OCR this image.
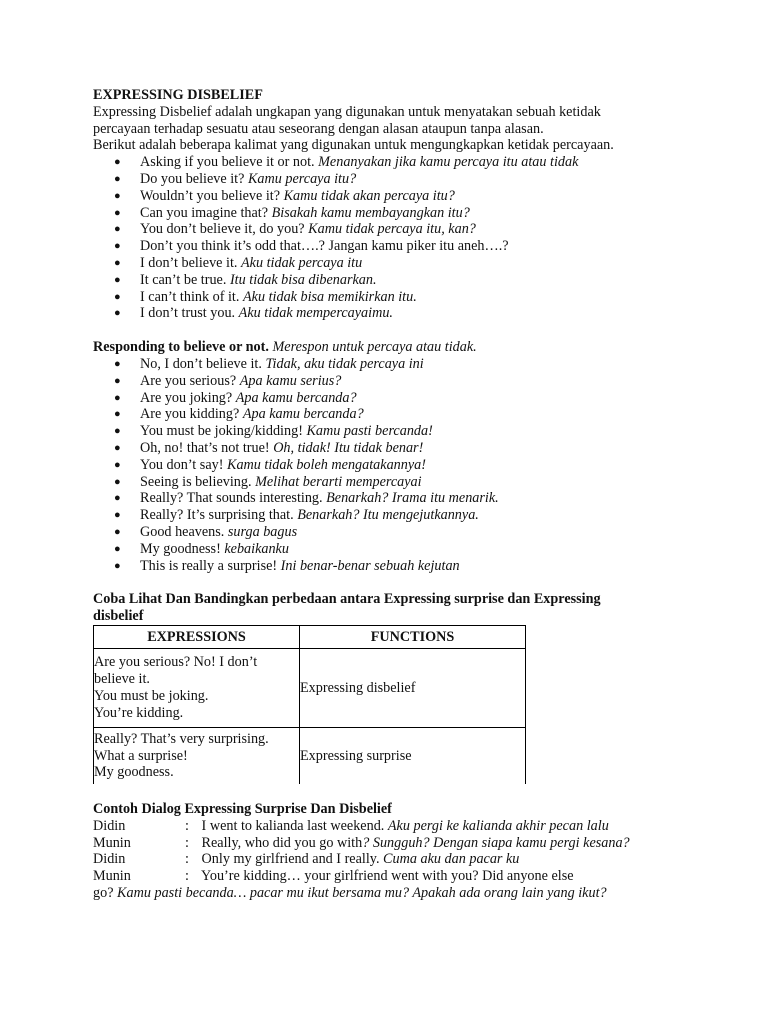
EXPRESSING DISBELIEF

Expressing Disbelief adalah ungkapan yang digunakan untuk menyatakan sebuah ketidak

percayaan terhadap sesuatu atau seseorang dengan alasan ataupun tanpa alasan.

Berikut adalah beberapa kalimat yang digunakan untuk mengungkapkan ketidak percayaan.

● Asking if you believe it or not. Menanyakan jika kamu percaya itu atau tidak
● Do you believe it? Kamu percaya itu?
● Wouldn’t you believe it? Kamu tidak akan percaya itu?
● Can you imagine that? Bisakah kamu membayangkan itu?
● You don’t believe it, do you? Kamu tidak percaya itu, kan?
● Don’t you think it’s odd that….? Jangan kamu piker itu aneh….?
● I don’t believe it. Aku tidak percaya itu
● It can’t be true. Itu tidak bisa dibenarkan.
● I can’t think of it. Aku tidak bisa memikirkan itu.
● I don’t trust you. Aku tidak mempercayaimu.

Responding to believe or not. Merespon untuk percaya atau tidak.

● No, I don’t believe it. Tidak, aku tidak percaya ini
● Are you serious? Apa kamu serius?
● Are you joking? Apa kamu bercanda?
● Are you kidding? Apa kamu bercanda?
● You must be joking/kidding! Kamu pasti bercanda!
● Oh, no! that’s not true! Oh, tidak! Itu tidak benar!
● You don’t say! Kamu tidak boleh mengatakannya!
● Seeing is believing. Melihat berarti mempercayai
● Really? That sounds interesting. Benarkah? Irama itu menarik.
● Really? It’s surprising that. Benarkah? Itu mengejutkannya.
● Good heavens. surga bagus
● My goodness! kebaikanku
● This is really a surprise! Ini benar-benar sebuah kejutan

Coba Lihat Dan Bandingkan perbedaan antara Expressing surprise dan Expressing

disbelief

EXPRESSIONS	FUNCTIONS

Are you serious? No! I don’t
believe it.
You must be joking.
You’re kidding.	Expressing disbelief

Really? That’s very surprising.
What a surprise!
My goodness.	Expressing surprise

Contoh Dialog Expressing Surprise Dan Disbelief

Didin	: I went to kalianda last weekend. Aku pergi ke kalianda akhir pecan lalu
Munin	: Really, who did you go with? Sungguh? Dengan siapa kamu pergi kesana?
Didin	: Only my girlfriend and I really. Cuma aku dan pacar ku
Munin	: You’re kidding… your girlfriend went with you? Did anyone else
go? Kamu pasti becanda… pacar mu ikut bersama mu? Apakah ada orang lain yang ikut?
